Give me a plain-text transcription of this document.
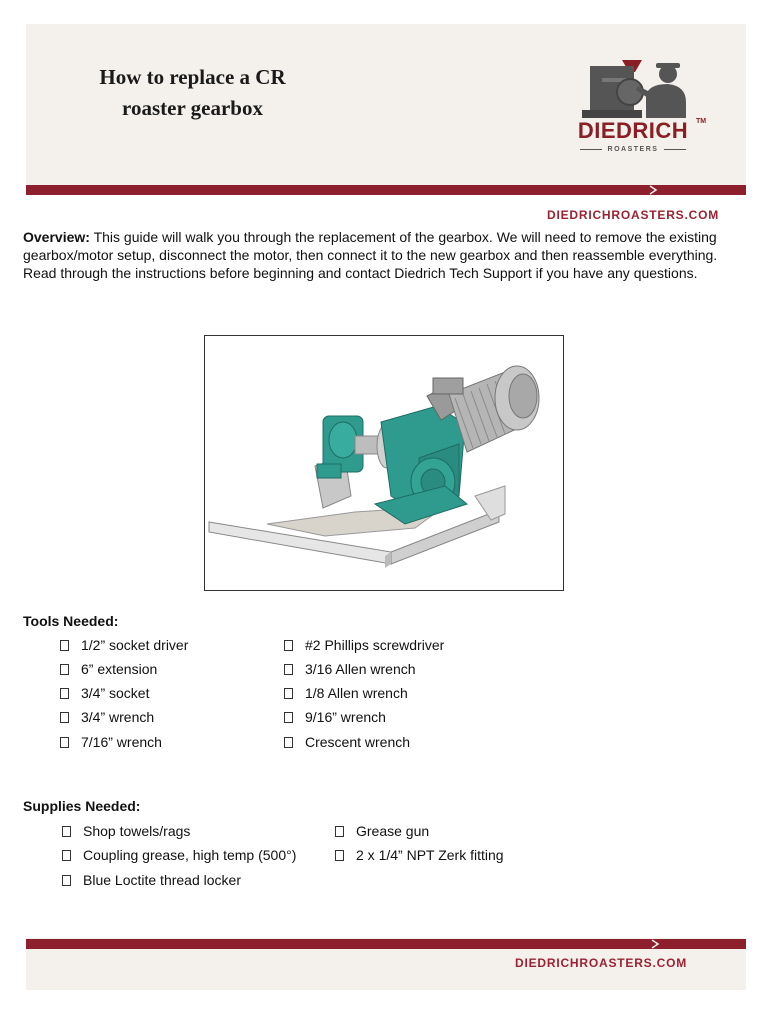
How to replace a CR
roaster gearbox
DIEDRICH	TM
ROASTERS
DIEDRICHROASTERS.COM

Overview: This guide will walk you through the replacement of the gearbox. We will need to remove the existing gearbox/motor setup, disconnect the motor, then connect it to the new gearbox and then reassemble everything.

Read through the instructions before beginning and contact Diedrich Tech Support if you have any questions.

Tools Needed:
1/2” socket driver
6” extension
3/4” socket
3/4” wrench
7/16” wrench
#2 Phillips screwdriver
3/16 Allen wrench
1/8 Allen wrench
9/16” wrench
Crescent wrench
Supplies Needed:
Shop towels/rags
Coupling grease, high temp (500°)
Blue Loctite thread locker
Grease gun
2 x 1/4” NPT Zerk fitting
DIEDRICHROASTERS.COM
